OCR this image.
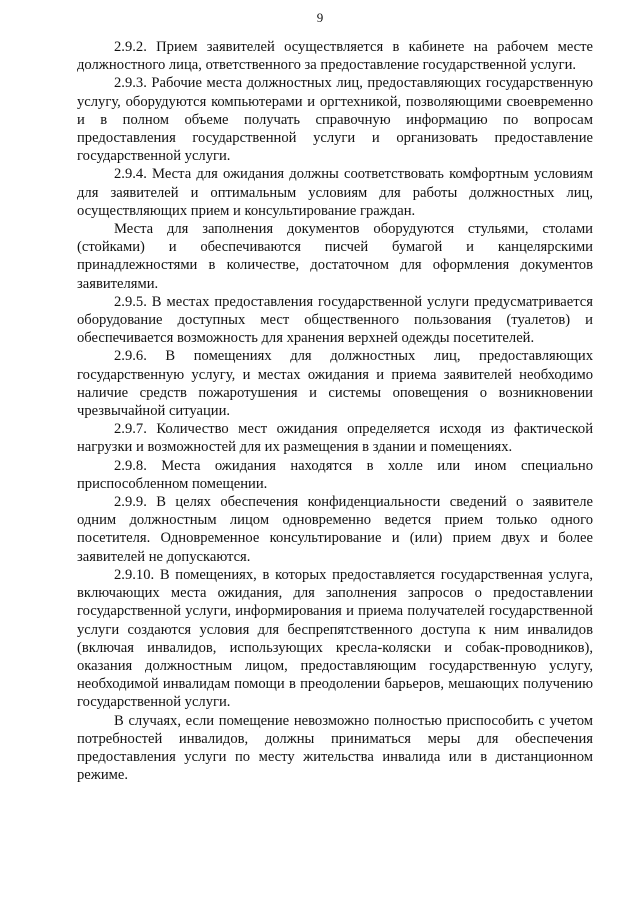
9

2.9.2. Прием заявителей осуществляется в кабинете на рабочем месте должностного лица, ответственного за предоставление государственной услуги.

2.9.3. Рабочие места должностных лиц, предоставляющих государственную услугу, оборудуются компьютерами и оргтехникой, позволяющими своевременно и в полном объеме получать справочную информацию по вопросам предоставления государственной услуги и организовать предоставление государственной услуги.

2.9.4. Места для ожидания должны соответствовать комфортным условиям для заявителей и оптимальным условиям для работы должностных лиц, осуществляющих прием и консультирование граждан.

Места для заполнения документов оборудуются стульями, столами (стойками) и обеспечиваются писчей бумагой и канцелярскими принадлежностями в количестве, достаточном для оформления документов заявителями.

2.9.5. В местах предоставления государственной услуги предусматривается оборудование доступных мест общественного пользования (туалетов) и обеспечивается возможность для хранения верхней одежды посетителей.

2.9.6. В помещениях для должностных лиц, предоставляющих государственную услугу, и местах ожидания и приема заявителей необходимо наличие средств пожаротушения и системы оповещения о возникновении чрезвычайной ситуации.

2.9.7. Количество мест ожидания определяется исходя из фактической нагрузки и возможностей для их размещения в здании и помещениях.

2.9.8. Места ожидания находятся в холле или ином специально приспособленном помещении.

2.9.9. В целях обеспечения конфиденциальности сведений о заявителе одним должностным лицом одновременно ведется прием только одного посетителя. Одновременное консультирование и (или) прием двух и более заявителей не допускаются.

2.9.10. В помещениях, в которых предоставляется государственная услуга, включающих места ожидания, для заполнения запросов о предоставлении государственной услуги, информирования и приема получателей государственной услуги создаются условия для беспрепятственного доступа к ним инвалидов (включая инвалидов, использующих кресла-коляски и собак-проводников), оказания должностным лицом, предоставляющим государственную услугу, необходимой инвалидам помощи в преодолении барьеров, мешающих получению государственной услуги.

В случаях, если помещение невозможно полностью приспособить с учетом потребностей инвалидов, должны приниматься меры для обеспечения предоставления услуги по месту жительства инвалида или в дистанционном режиме.
